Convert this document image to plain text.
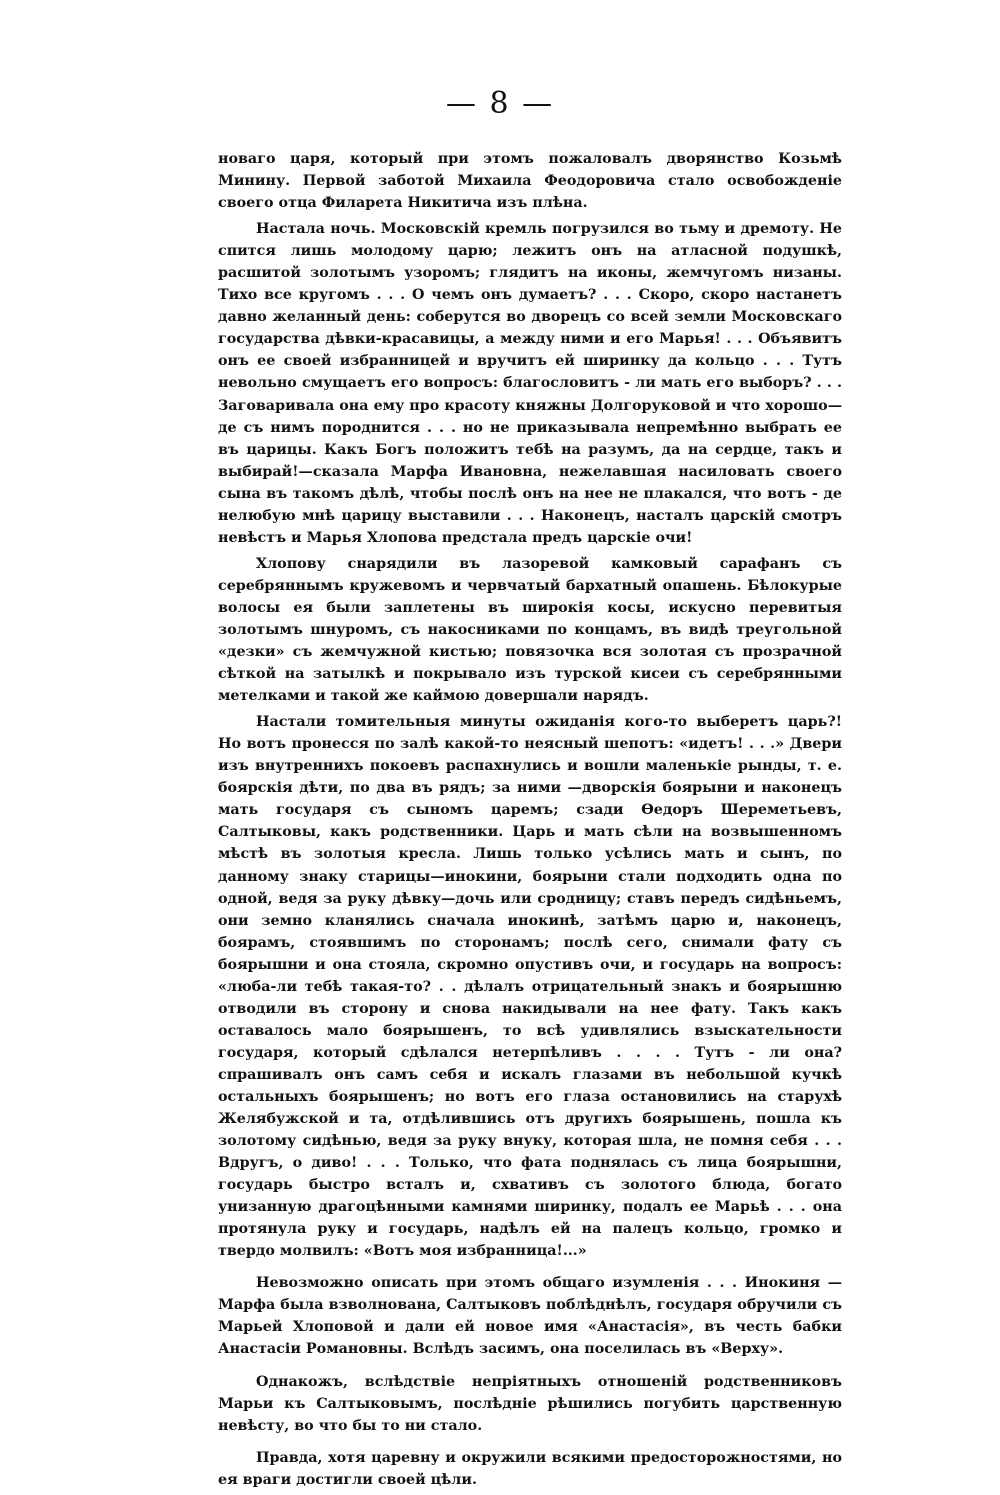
— 8 —

новаго царя, который при этомъ пожаловалъ дворянство Козьмѣ Минину. Первой заботой Михаила Феодоровича стало освобожденіе своего отца Филарета Никитича изъ плѣна.

Настала ночь. Московскій кремль погрузился во тьму и дремоту. Не спится лишь молодому царю; лежитъ онъ на атласной подушкѣ, расшитой золотымъ узоромъ; глядитъ на иконы, жемчугомъ низаны. Тихо все кругомъ . . . О чемъ онъ думаетъ? . . . Скоро, скоро настанетъ давно желанный день: соберутся во дворецъ со всей земли Московскаго государства дѣвки-красавицы, а между ними и его Марья! . . . Объявитъ онъ ее своей избранницей и вручитъ ей ширинку да кольцо . . . Тутъ невольно смущаетъ его вопросъ: благословитъ - ли мать его выборъ? . . . Заговаривала она ему про красоту княжны Долгоруковой и что хорошо—де съ нимъ породнится . . . но не приказывала непремѣнно выбрать ее въ царицы. Какъ Богъ положитъ тебѣ на разумъ, да на сердце, такъ и выбирай!—сказала Марфа Ивановна, нежелавшая насиловать своего сына въ такомъ дѣлѣ, чтобы послѣ онъ на нее не плакался, что вотъ - де нелюбую мнѣ царицу выставили . . . Наконецъ, насталъ царскій смотръ невѣстъ и Марья Хлопова предстала предъ царскіе очи!

Хлопову снарядили въ лазоревой камковый сарафанъ съ серебряннымъ кружевомъ и червчатый бархатный опашень. Бѣлокурые волосы ея были заплетены въ широкія косы, искусно перевитыя золотымъ шнуромъ, съ накосниками по концамъ, въ видѣ треугольной «дезки» съ жемчужной кистью; повязочка вся золотая съ прозрачной сѣткой на затылкѣ и покрывало изъ турской кисеи съ серебрянными метелками и такой же каймою довершали нарядъ.

Настали томительныя минуты ожиданія кого-то выберетъ царь?! Но вотъ пронесся по залѣ какой-то неясный шепотъ: «идетъ! . . .» Двери изъ внутреннихъ покоевъ распахнулись и вошли маленькіе рынды, т. е. боярскія дѣти, по два въ рядъ; за ними —дворскія боярыни и наконецъ мать государя съ сыномъ царемъ; сзади Ѳедоръ Шереметьевъ, Салтыковы, какъ родственники. Царь и мать сѣли на возвышенномъ мѣстѣ въ золотыя кресла. Лишь только усѣлись мать и сынъ, по данному знаку старицы—инокини, боярыни стали подходить одна по одной, ведя за руку дѣвку—дочь или сродницу; ставъ передъ сидѣньемъ, они земно клaнялись сначала инокинѣ, затѣмъ царю и, наконецъ, боярамъ, стоявшимъ по сторонамъ; послѣ сего, снимали фату съ боярышни и она стояла, скромно опустивъ очи, и государь на вопросъ: «люба-ли тебѣ такая-то? . . дѣлалъ отрицательный знакъ и боярышню отводили въ сторону и снова накидывали на нее фату. Такъ какъ оставалось мало боярышенъ, то всѣ удивлялись взыскательности государя, который сдѣлался нетерпѣливъ . . . . Тутъ - ли она? спрашивалъ онъ самъ себя и искалъ глазами въ небольшой кучкѣ остальныхъ боярышенъ; но вотъ его глаза остановились на старухѣ Желябужской и та, отдѣлившись отъ другихъ боярышень, пошла къ золотому сидѣнью, ведя за руку внуку, которая шла, не помня себя . . . Вдругъ, о диво! . . . Только, что фата поднялась съ лица боярышни, государь быстро всталъ и, схвативъ съ золотого блюда, богато унизанную драгоцѣнными камнями ширинку, подалъ ее Марьѣ . . . она протянула руку и государь, надѣлъ ей на палецъ кольцо, громко и твердо молвилъ: «Вотъ моя избранница!...»

Невозможно описать при этомъ общаго изумленія . . . Инокиня — Марфа была взволнована, Салтыковъ поблѣднѣлъ, государя обручили съ Марьей Хлоповой и дали ей новое имя «Анастасія», въ честь бабки Анастасіи Романовны. Вслѣдъ засимъ, она поселилась въ «Верху».

Однакожъ, вслѣдствіе непріятныхъ отношеній родственниковъ Марьи къ Салтыковымъ, послѣдніе рѣшились погубить царственную невѣсту, во что бы то ни стало.

Правда, хотя царевну и окружили всякими предосторожностями, но ея враги достигли своей цѣли.
